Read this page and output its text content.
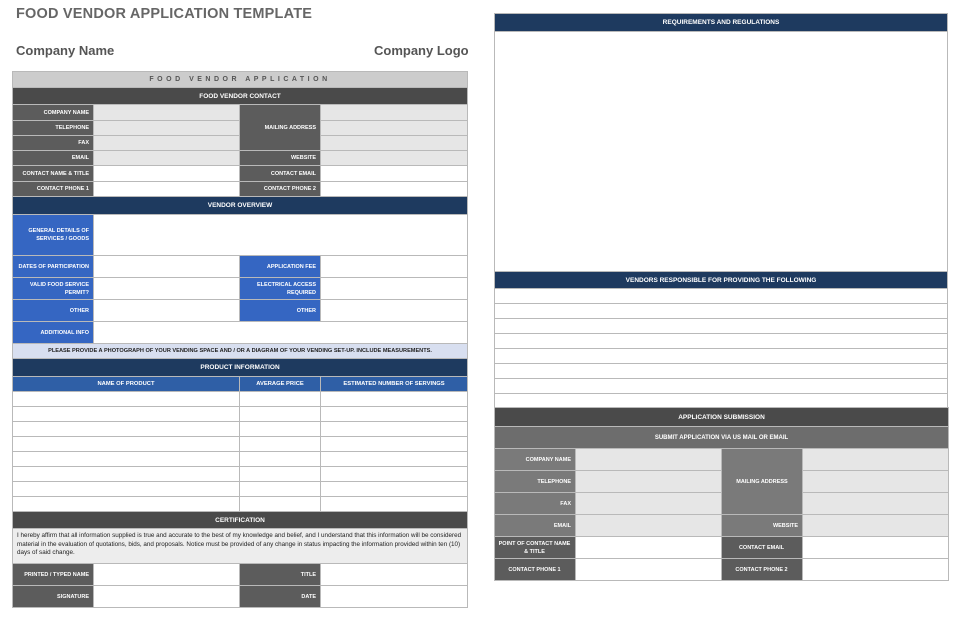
FOOD VENDOR APPLICATION TEMPLATE
Company Name	Company Logo
FOOD VENDOR APPLICATION			
FOOD VENDOR CONTACT			
COMPANY NAME		MAILING ADDRESS	
TELEPHONE			
FAX			
EMAIL		WEBSITE	
CONTACT NAME & TITLE		CONTACT EMAIL	
CONTACT PHONE 1		CONTACT PHONE 2	
VENDOR OVERVIEW			
GENERAL DETAILS OF SERVICES / GOODS			
DATES OF PARTICIPATION		APPLICATION FEE	
VALID FOOD SERVICE PERMIT?		ELECTRICAL ACCESS REQUIRED	
OTHER		OTHER	
ADDITIONAL INFO			
PLEASE PROVIDE A PHOTOGRAPH OF YOUR VENDING SPACE AND / OR A DIAGRAM OF YOUR VENDING SET-UP. INCLUDE MEASUREMENTS.			
PRODUCT INFORMATION			
NAME OF PRODUCT		AVERAGE PRICE	ESTIMATED NUMBER OF SERVINGS

CERTIFICATION			
I hereby affirm that all information supplied is true and accurate to the best of my knowledge and belief, and I understand that this information will be considered material in the evaluation of quotations, bids, and proposals. Notice must be provided of any change in status impacting the information provided within ten (10) days of said change.			
PRINTED / TYPED NAME		TITLE	
SIGNATURE		DATE	
REQUIREMENTS AND REGULATIONS

VENDORS RESPONSIBLE FOR PROVIDING THE FOLLOWING

APPLICATION SUBMISSION			
SUBMIT APPLICATION VIA US MAIL OR EMAIL			
COMPANY NAME		MAILING ADDRESS	
TELEPHONE			
FAX			
EMAIL		WEBSITE	
POINT OF CONTACT NAME & TITLE		CONTACT EMAIL	
CONTACT PHONE 1		CONTACT PHONE 2	
